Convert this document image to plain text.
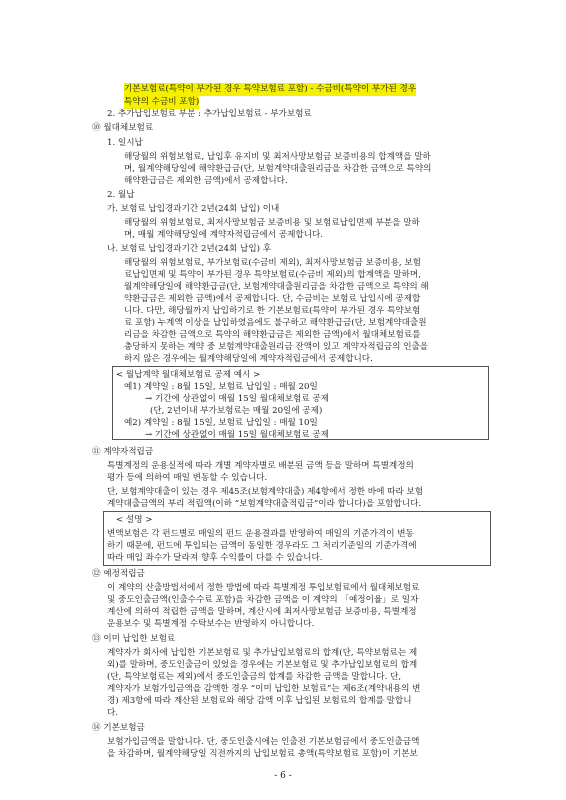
기본보험료(특약이 부가된 경우 특약보험료 포함) - 수금비(특약이 부가된 경우
특약의 수금비 포함)
2. 추가납입보험료 부분 : 추가납입보험료 - 부가보험료
⑩ 월대체보험료
1. 일시납
해당월의 위험보험료, 납입후 유지비 및 최저사망보험금 보증비용의 합계액을 말하
며, 월계약해당일에 해약환급금(단, 보험계약대출원리금을 차감한 금액으로 특약의
해약환급금은 제외한 금액)에서 공제합니다.
2. 월납
가. 보험료 납입경과기간 2년(24회 납입) 이내
해당월의 위험보험료, 최저사망보험금 보증비용 및 보험료납입면제 부분을 말하
며, 매월 계약해당일에 계약자적립금에서 공제합니다.
나. 보험료 납입경과기간 2년(24회 납입) 후
해당월의 위험보험료, 부가보험료(수금비 제외), 최저사망보험금 보증비용, 보험
료납입면제 및 특약이 부가된 경우 특약보험료(수금비 제외)의 합계액을 말하며,
월계약해당일에 해약환급금(단, 보험계약대출원리금을 차감한 금액으로 특약의 해
약환급금은 제외한 금액)에서 공제합니다. 단, 수금비는 보험료 납입시에 공제합
니다. 다만, 해당월까지 납입하기로 한 기본보험료(특약이 부가된 경우 특약보험
료 포함) 누계액 이상을 납입하였음에도 불구하고 해약환급금(단, 보험계약대출원
리금을 차감한 금액으로 특약의 해약환급금은 제외한 금액)에서 월대체보험료를
충당하지 못하는 계약 중 보험계약대출원리금 잔액이 있고 계약자적립금의 인출을
하지 않은 경우에는 월계약해당일에 계약자적립금에서 공제합니다.
< 월납계약 월대체보험료 공제 예시 >
예1) 계약일 : 8월 15일, 보험료 납입일 : 매월 20일
→ 기간에 상관없이 매월 15일 월대체보험료 공제
(단, 2년이내 부가보험료는 매월 20일에 공제)
예2) 계약일 : 8월 15일, 보험료 납입일 : 매월 10일
→ 기간에 상관없이 매월 15일 월대체보험료 공제
⑪ 계약자적립금
특별계정의 운용실적에 따라 개별 계약자별로 배분된 금액 등을 말하며 특별계정의
평가 등에 의하여 매일 변동할 수 있습니다.
단, 보험계약대출이 있는 경우 제45조(보험계약대출) 제4항에서 정한 바에 따라 보험
계약대출금액의 부리 적립액(이하 “보험계약대출적립금”이라 합니다)을 포함합니다.
< 설명 >
변액보험은 각 펀드별로 매일의 펀드 운용결과를 반영하여 매일의 기준가격이 변동
하기 때문에, 펀드에 투입되는 금액이 동일한 경우라도 그 처리기준일의 기준가격에
따라 매입 좌수가 달라져 향후 수익률이 다를 수 있습니다.
⑫ 예정적립금
이 계약의 산출방법서에서 정한 방법에 따라 특별계정 투입보험료에서 월대체보험료
및 중도인출금액(인출수수료 포함)을 차감한 금액을 이 계약의 「예정이율」로 일자
계산에 의하여 적립한 금액을 말하며, 계산시에 최저사망보험금 보증비용, 특별계정
운용보수 및 특별계정 수탁보수는 반영하지 아니합니다.
⑬ 이미 납입한 보험료
계약자가 회사에 납입한 기본보험료 및 추가납입보험료의 합계(단, 특약보험료는 제
외)를 말하며, 중도인출금이 있었을 경우에는 기본보험료 및 추가납입보험료의 합계
(단, 특약보험료는 제외)에서 중도인출금의 합계를 차감한 금액을 말합니다. 단,
계약자가 보험가입금액을 감액한 경우 “이미 납입한 보험료”는 제6조(계약내용의 변
경) 제3항에 따라 계산된 보험료와 해당 감액 이후 납입된 보험료의 합계를 말합니
다.
⑭ 기본보험금
보험가입금액을 말합니다. 단, 중도인출시에는 인출전 기본보험금에서 중도인출금액
을 차감하며, 월계약해당일 직전까지의 납입보험료 총액(특약보험료 포함)이 기본보
- 6 -
